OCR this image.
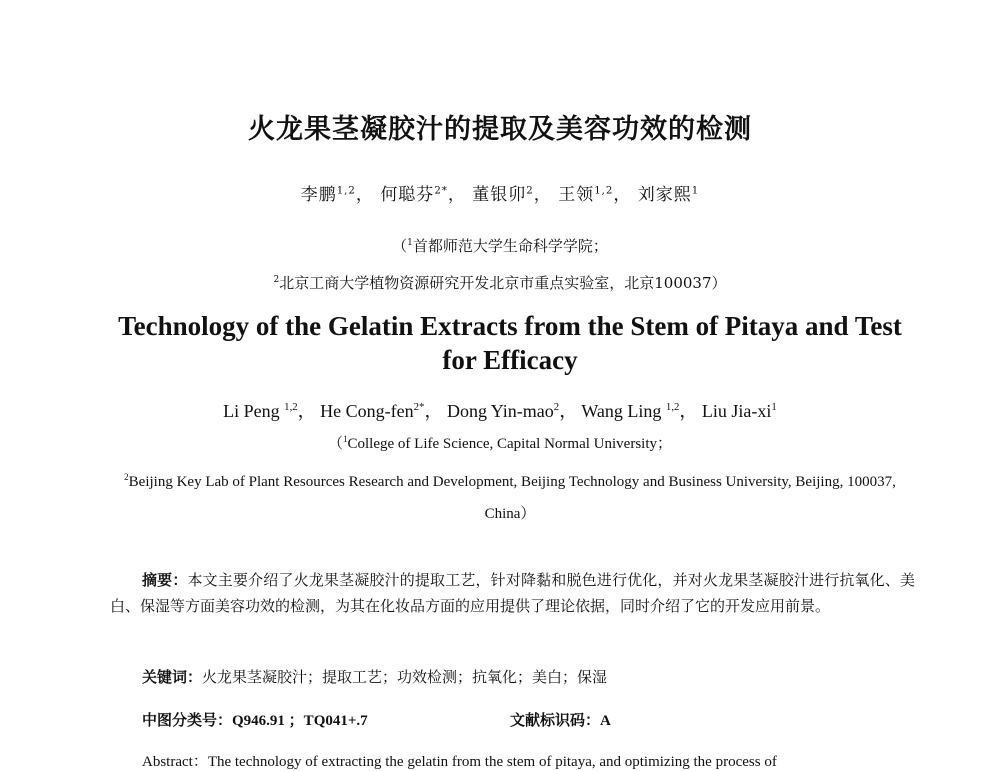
火龙果茎凝胶汁的提取及美容功效的检测
李鹏$^{1,2}$， 何聪芬$^{2*}$， 董银卯$^2$， 王领$^{1,2}$， 刘家熙$^1$
（$^1$首都师范大学生命科学学院；
$^2$北京工商大学植物资源研究开发北京市重点实验室，北京100037）
Technology of the Gelatin Extracts from the Stem of Pitaya and Test for Efficacy
Li Peng $^{1,2}$， He Cong-fen$^{2*}$， Dong Yin-mao$^2$， Wang Ling $^{1,2}$， Liu Jia-$xi^1$
（$^1$College of Life Science, Capital Normal University；
$^2$Beijing Key Lab of Plant Resources Research and Development, Beijing Technology and Business University, Beijing, 100037, China）
摘要：本文主要介绍了火龙果茎凝胶汁的提取工艺，针对降黏和脱色进行优化，并对火龙果茎凝胶汁进行抗氧化、美白、保湿等方面美容功效的检测，为其在化妆品方面的应用提供了理论依据，同时介绍了它的开发应用前景。
关键词：火龙果茎凝胶汁；提取工艺；功效检测；抗氧化；美白；保湿
中图分类号：Q946.91 ；TQ041+.7	文献标识码：A
Abstract：The technology of extracting the gelatin from the stem of pitaya, and optimizing the process of
